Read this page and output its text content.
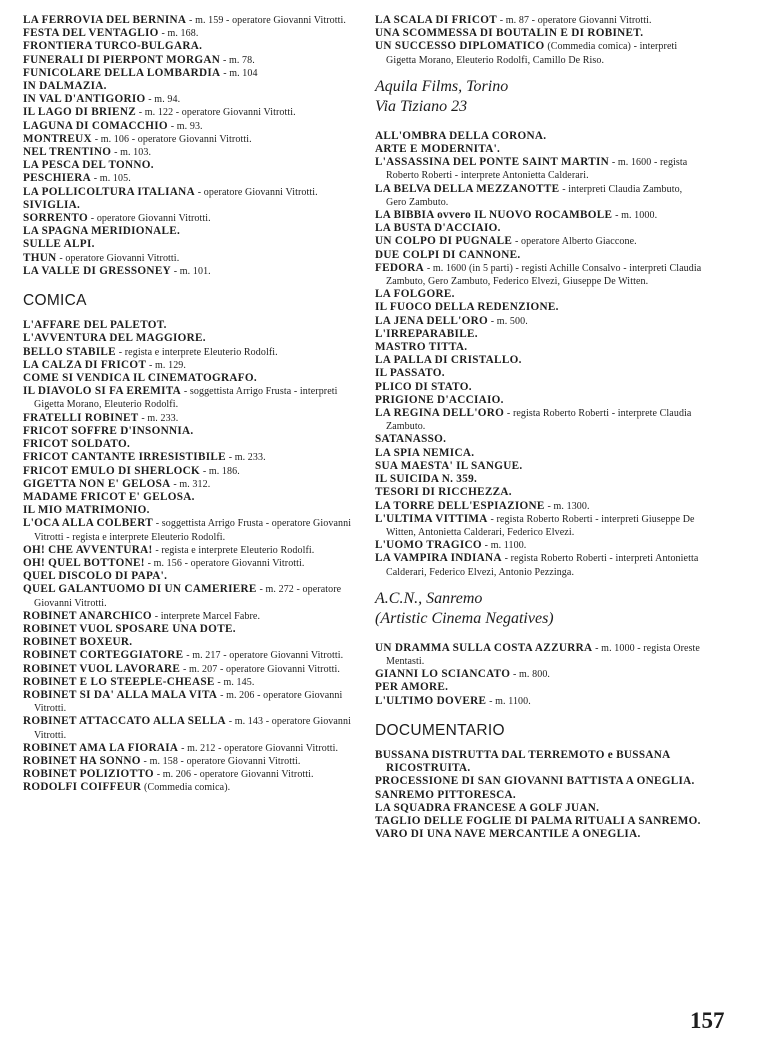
LA FERROVIA DEL BERNINA - m. 159 - operatore Giovanni Vitrotti.

FESTA DEL VENTAGLIO - m. 168.

FRONTIERA TURCO-BULGARA.

FUNERALI DI PIERPONT MORGAN - m. 78.

FUNICOLARE DELLA LOMBARDIA - m. 104

IN DALMAZIA.

IN VAL D'ANTIGORIO - m. 94.

IL LAGO DI BRIENZ - m. 122 - operatore Giovanni Vitrotti.

LAGUNA DI COMACCHIO - m. 93.

MONTREUX - m. 106 - operatore Giovanni Vitrotti.

NEL TRENTINO - m. 103.

LA PESCA DEL TONNO.

PESCHIERA - m. 105.

LA POLLICOLTURA ITALIANA - operatore Giovanni Vitrotti.

SIVIGLIA.

SORRENTO - operatore Giovanni Vitrotti.

LA SPAGNA MERIDIONALE.

SULLE ALPI.

THUN - operatore Giovanni Vitrotti.

LA VALLE DI GRESSONEY - m. 101.

COMICA

L'AFFARE DEL PALETOT.

L'AVVENTURA DEL MAGGIORE.

BELLO STABILE - regista e interprete Eleuterio Rodolfi.

LA CALZA DI FRICOT - m. 129.

COME SI VENDICA IL CINEMATOGRAFO.

IL DIAVOLO SI FA EREMITA - soggettista Arrigo Frusta - interpreti Gigetta Morano, Eleuterio Rodolfi.

FRATELLI ROBINET - m. 233.

FRICOT SOFFRE D'INSONNIA.

FRICOT SOLDATO.

FRICOT CANTANTE IRRESISTIBILE - m. 233.

FRICOT EMULO DI SHERLOCK - m. 186.

GIGETTA NON E' GELOSA - m. 312.

MADAME FRICOT E' GELOSA.

IL MIO MATRIMONIO.

L'OCA ALLA COLBERT - soggettista Arrigo Frusta - operatore Giovanni Vitrotti - regista e interprete Eleuterio Rodolfi.

OH! CHE AVVENTURA! - regista e interprete Eleuterio Rodolfi.

OH! QUEL BOTTONE! - m. 156 - operatore Giovanni Vitrotti.

QUEL DISCOLO DI PAPA'.

QUEL GALANTUOMO DI UN CAMERIERE - m. 272 - operatore Giovanni Vitrotti.

ROBINET ANARCHICO - interprete Marcel Fabre.

ROBINET VUOL SPOSARE UNA DOTE.

ROBINET BOXEUR.

ROBINET CORTEGGIATORE - m. 217 - operatore Giovanni Vitrotti.

ROBINET VUOL LAVORARE - m. 207 - operatore Giovanni Vitrotti.

ROBINET E LO STEEPLE-CHEASE - m. 145.

ROBINET SI DA' ALLA MALA VITA - m. 206 - operatore Giovanni Vitrotti.

ROBINET ATTACCATO ALLA SELLA - m. 143 - operatore Giovanni Vitrotti.

ROBINET AMA LA FIORAIA - m. 212 - operatore Giovanni Vitrotti.

ROBINET HA SONNO - m. 158 - operatore Giovanni Vitrotti.

ROBINET POLIZIOTTO - m. 206 - operatore Giovanni Vitrotti.

RODOLFI COIFFEUR (Commedia comica).

LA SCALA DI FRICOT - m. 87 - operatore Giovanni Vitrotti.

UNA SCOMMESSA DI BOUTALIN E DI ROBINET.

UN SUCCESSO DIPLOMATICO (Commedia comica) - interpreti Gigetta Morano, Eleuterio Rodolfi, Camillo De Riso.

Aquila Films, Torino
Via Tiziano 23

ALL'OMBRA DELLA CORONA.

ARTE E MODERNITA'.

L'ASSASSINA DEL PONTE SAINT MARTIN - m. 1600 - regista Roberto Roberti - interprete Antonietta Calderari.

LA BELVA DELLA MEZZANOTTE - interpreti Claudia Zambuto, Gero Zambuto.

LA BIBBIA ovvero IL NUOVO ROCAMBOLE - m. 1000.

LA BUSTA D'ACCIAIO.

UN COLPO DI PUGNALE - operatore Alberto Giaccone.

DUE COLPI DI CANNONE.

FEDORA - m. 1600 (in 5 parti) - registi Achille Consalvo - interpreti Claudia Zambuto, Gero Zambuto, Federico Elvezi, Giuseppe De Witten.

LA FOLGORE.

IL FUOCO DELLA REDENZIONE.

LA JENA DELL'ORO - m. 500.

L'IRREPARABILE.

MASTRO TITTA.

LA PALLA DI CRISTALLO.

IL PASSATO.

PLICO DI STATO.

PRIGIONE D'ACCIAIO.

LA REGINA DELL'ORO - regista Roberto Roberti - interprete Claudia Zambuto.

SATANASSO.

LA SPIA NEMICA.

SUA MAESTA' IL SANGUE.

IL SUICIDA N. 359.

TESORI DI RICCHEZZA.

LA TORRE DELL'ESPIAZIONE - m. 1300.

L'ULTIMA VITTIMA - regista Roberto Roberti - interpreti Giuseppe De Witten, Antonietta Calderari, Federico Elvezi.

L'UOMO TRAGICO - m. 1100.

LA VAMPIRA INDIANA - regista Roberto Roberti - interpreti Antonietta Calderari, Federico Elvezi, Antonio Pezzinga.

A.C.N., Sanremo
(Artistic Cinema Negatives)

UN DRAMMA SULLA COSTA AZZURRA - m. 1000 - regista Oreste Mentasti.

GIANNI LO SCIANCATO - m. 800.

PER AMORE.

L'ULTIMO DOVERE - m. 1100.

DOCUMENTARIO

BUSSANA DISTRUTTA DAL TERREMOTO e BUSSANA RICOSTRUITA.

PROCESSIONE DI SAN GIOVANNI BATTISTA A ONEGLIA.

SANREMO PITTORESCA.

LA SQUADRA FRANCESE A GOLF JUAN.

TAGLIO DELLE FOGLIE DI PALMA RITUALI A SANREMO.

VARO DI UNA NAVE MERCANTILE A ONEGLIA.

157
